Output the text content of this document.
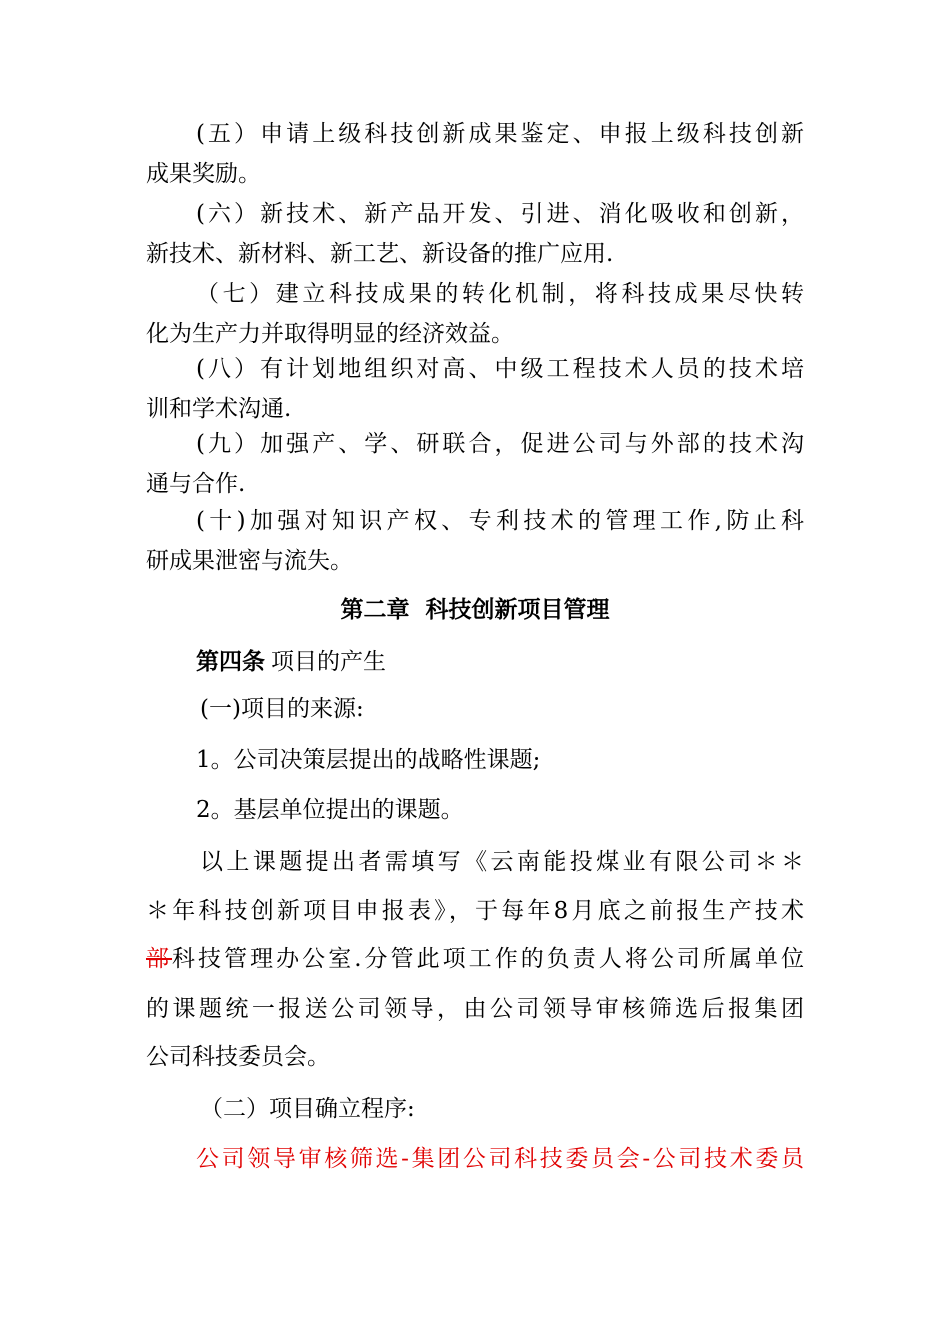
(五）申请上级科技创新成果鉴定、申报上级科技创新
成果奖励。
(六）新技术、新产品开发、引进、消化吸收和创新，
新技术、新材料、新工艺、新设备的推广应用.
（七）建立科技成果的转化机制，将科技成果尽快转
化为生产力并取得明显的经济效益。
(八）有计划地组织对高、中级工程技术人员的技术培
训和学术沟通.
(九）加强产、学、研联合，促进公司与外部的技术沟
通与合作.
(十)加强对知识产权、专利技术的管理工作,防止科
研成果泄密与流失。
第二章  科技创新项目管理
第四条 项目的产生
(一)项目的来源:
1。公司决策层提出的战略性课题;
2。基层单位提出的课题。
以上课题提出者需填写《云南能投煤业有限公司＊＊
＊年科技创新项目申报表》，于每年8月底之前报生产技术
部科技管理办公室.分管此项工作的负责人将公司所属单位
的课题统一报送公司领导，由公司领导审核筛选后报集团
公司科技委员会。
（二）项目确立程序:
公司领导审核筛选-集团公司科技委员会-公司技术委员
